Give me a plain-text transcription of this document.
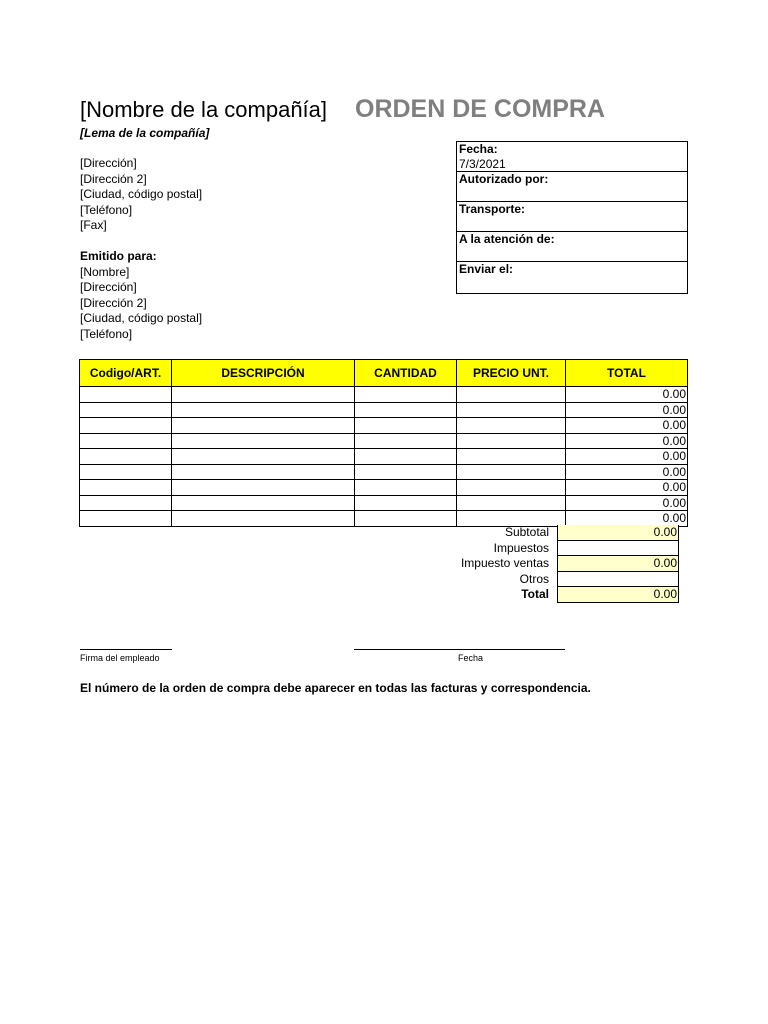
[Nombre de la compañía] ORDEN DE COMPRA
[Lema de la compañía]
[Dirección]
[Dirección 2]
[Ciudad, código postal]
[Teléfono]
[Fax]
Emitido para:
[Nombre]
[Dirección]
[Dirección 2]
[Ciudad, código postal]
[Teléfono]
Fecha:
7/3/2021
Autorizado por:
Transporte:
A la atención de:
Enviar el:
Codigo/ART.	DESCRIPCIÓN	CANTIDAD	PRECIO UNT.	TOTAL
				0.00
				0.00
				0.00
				0.00
				0.00
				0.00
				0.00
				0.00
				0.00
Subtotal	0.00
Impuestos
Impuesto ventas	0.00
Otros
Total	0.00
Firma del empleado	Fecha
El número de la orden de compra debe aparecer en todas las facturas y correspondencia.
